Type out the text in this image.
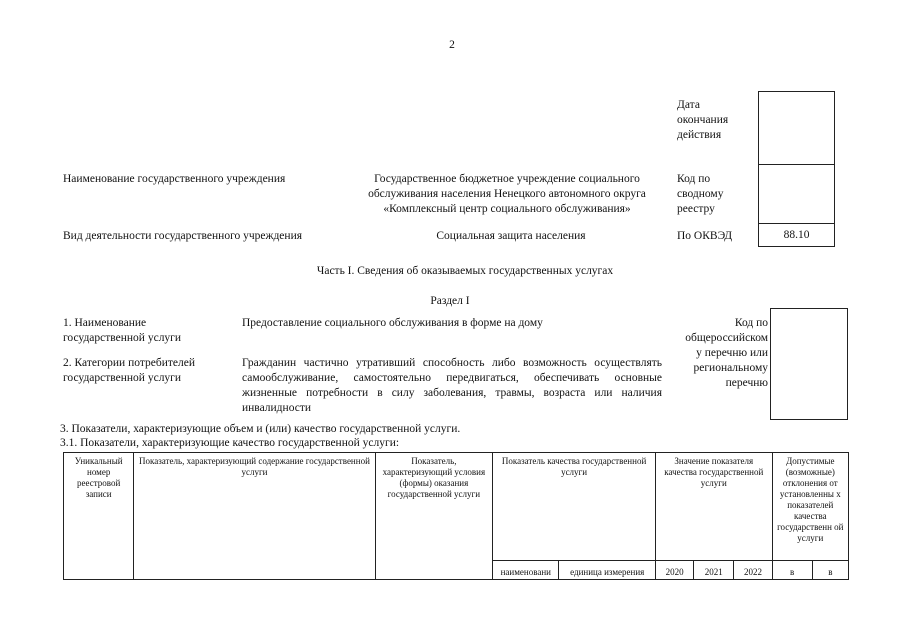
2
Дата окончания действия
Код по сводному реестру
По ОКВЭД	88.10
Наименование государственного учреждения	Государственное бюджетное учреждение социального обслуживания населения Ненецкого автономного округа «Комплексный центр социального обслуживания»
Вид деятельности государственного учреждения	Социальная защита населения
Часть I. Сведения об оказываемых государственных услугах
Раздел I
1. Наименование государственной услуги
Предоставление социального обслуживания в форме на дому
2. Категории потребителей государственной услуги
Гражданин частично утративший способность либо возможность осуществлять самообслуживание, самостоятельно передвигаться, обеспечивать основные жизненные потребности в силу заболевания, травмы, возраста или наличия инвалидности
Код по общероссийском у перечню или региональному перечню
3. Показатели, характеризующие объем и (или) качество государственной услуги.
3.1. Показатели, характеризующие качество государственной услуги:
Уникальный номер реестровой записи	Показатель, характеризующий содержание государственной услуги	Показатель, характеризующий условия (формы) оказания государственной услуги	Показатель качества государственной услуги		Значение показателя качества государственной услуги			Допустимые (возможные) отклонения от установленны х показателей качества государственн ой услуги	
			наименовани	единица измерения	2020	2021	2022	в	в
